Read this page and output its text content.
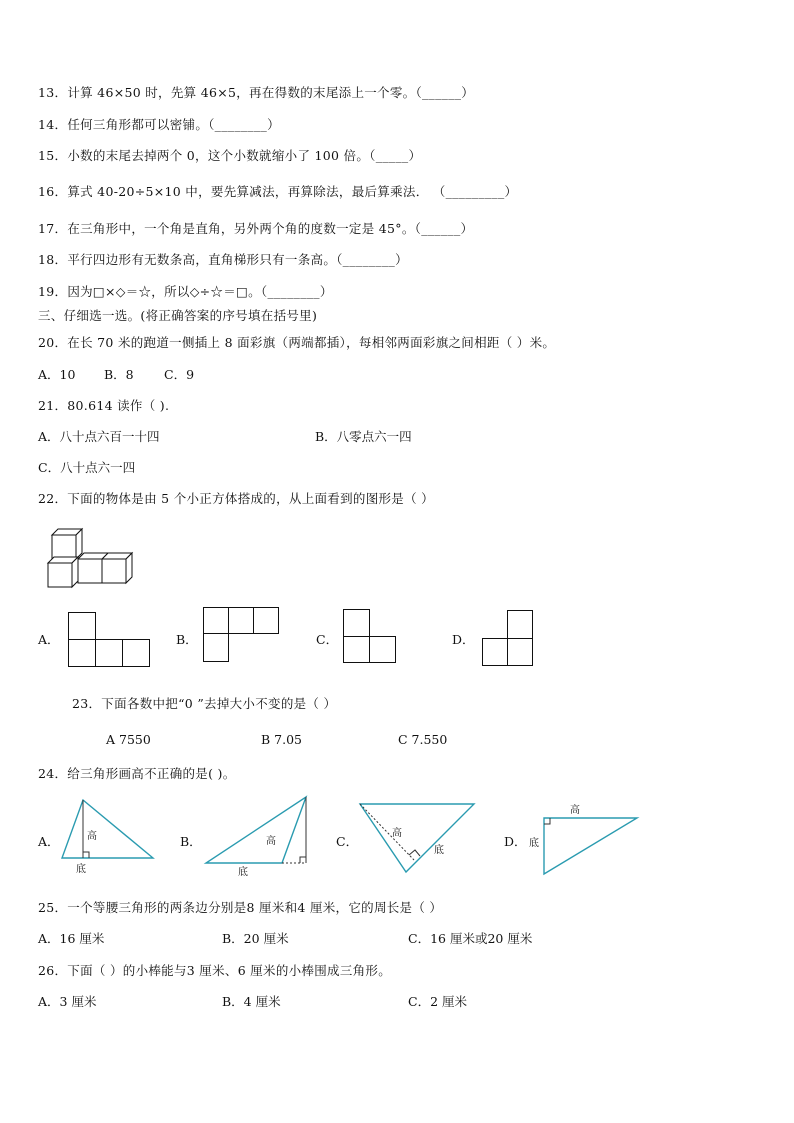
13．计算 46×50 时，先算 46×5，再在得数的末尾添上一个零。（______）
14．任何三角形都可以密铺。（________）
15．小数的末尾去掉两个 0，这个小数就缩小了 100 倍。（_____）
16．算式 40-20÷5×10 中，要先算减法，再算除法，最后算乘法． （_________）
17．在三角形中，一个角是直角，另外两个角的度数一定是 45°。（______）
18．平行四边形有无数条高，直角梯形只有一条高。（________）
19．因为□×◇＝☆，所以◇÷☆＝□。（________）
三、仔细选一选。(将正确答案的序号填在括号里)
20．在长 70 米的跑道一侧插上 8 面彩旗（两端都插），每相邻两面彩旗之间相距（ ）米。
A．10 B．8 C．9
21．80.614 读作（ ).
A．八十点六百一十四	B．八零点六一四
C．八十点六一四
22．下面的物体是由 5 个小正方体搭成的，从上面看到的图形是（ ）
A．	B．	C．	D．
23．下面各数中把“0 ”去掉大小不变的是（ ）
A 7550	B 7.05	C 7.550
24．给三角形画高不正确的是( )。
A．	高
底
B．	高
底
C．
高
底
D．
高
底
25．一个等腰三角形的两条边分别是8 厘米和4 厘米，它的周长是（ ）
A．16 厘米	B．20 厘米	C．16 厘米或20 厘米
26．下面（ ）的小棒能与3 厘米、6 厘米的小棒围成三角形。
A．3 厘米	B．4 厘米	C．2 厘米
